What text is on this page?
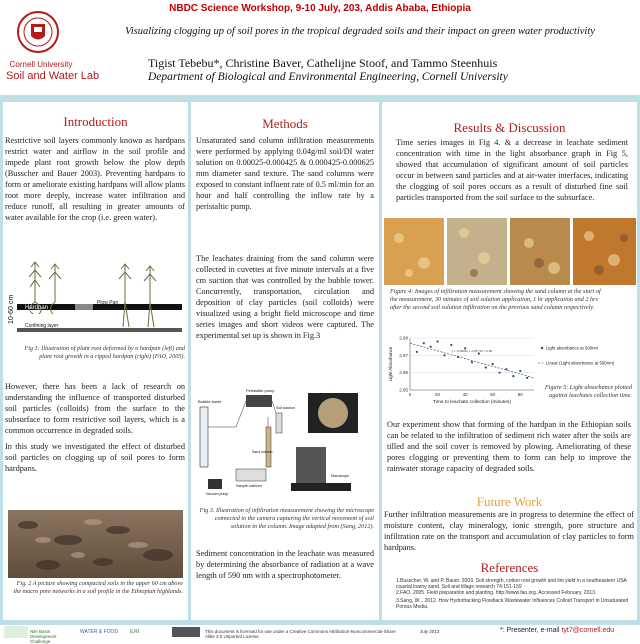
NBDC Science Workshop, 9-10 July, 203, Addis Ababa, Ethiopia
Cornell University
Soil and Water Lab
Visualizing clogging up of soil pores in the tropical degraded soils and their impact on green water productivity
Tigist Tebebu*, Christine Baver, Cathelijne Stoof, and Tammo Steenhuis
Department of Biological and Environmental Engineering, Cornell University
Introduction
Restrictive soil layers commonly known as hardpans restrict water and airflow in the soil profile and impede plant root growth below the plow depth (Busscher and Bauer 2003). Preventing hardpans to form or ameliorate existing hardpans will allow plants root more deeply, increase water infiltration and reduce runoff, all resulting in greater amounts of water available for the crop (i.e. green water).
Hardpan
Plow Pan
Confining layer
10-60 cm
Fig 1: Illustration of plant root deformed by a hardpan (left) and plant root growth in a ripped hardpan (right) (FAO, 2005).
However, there has been a lack of research on understanding the influence of transported disturbed soil particles (colloids) from the surface to the subsurface to form restrictive soil layers, which is a common occurrence in degraded soils.
In this study we investigated the effect of disturbed soil particles on clogging up of soil pores to form hardpans.
Fig. 2 A picture showing compacted soils in the upper 60 cm above the macro pore networks in a soil profile in the Ethiopian highlands.
Methods
Unsaturated sand column infiltration measurements were performed by applying 0.04g/ml soil/DI water solution on 0.00025-0.000425 & 0.000425-0.000625 mm diameter sand texture. The sand columns were exposed to constant influent rate of 0.5 ml/min for an hour and half controlling the inflow rate by a peristaltic pump.
The leachates draining from the sand column were collected in cuvettes at five minute intervals at a five cm suction that was controlled by the bubble tower. Concurrently, transportation, circulation and deposition of clay particles (soil colloids) were visualized using a bright field microscope and time series images and short videos were captured. The experimental set up is shown in Fig.3
Bubble tower
Peristaltic pump
Soil solution
Sand column
Vacuum pump
Sample collector
Microscope
Fig 3. Illustration of infiltration measurement showing the microscope connected to the camera capturing the vertical movement of soil solution in the column. Image adapted from (Sang, 2012).
Sediment concentration in the leachate was measured by determining the absorbance of radiation at a wave length of 590 nm with a spectrophotometer.
Results & Discussion
Time series images in Fig 4. & a decrease in leachate sediment concentration with time in the light absorbance graph in Fig 5, showed that accumulation of significant amount of soil particles occur in between sand particles and at air-water interfaces, indicating the clogging of soil pores occurs as a result of disturbed fine soil particles transported from the soil surface to the subsurface.
Figure 4: Images of infiltration measurement showing the sand column at the start of the measurement, 30 minutes of soil solution application, 1 hr application and 2 hrs after the second soil solution infiltration on the previous sand column respectively.
2.95
2.96
2.97
2.98
0	20	40	60	80
Time to leachate collection (minutes)
Light Absorbance	y = -0.0002x + 2.977 R² = 0.38
Light absorbance at 590nm
Linear (Light absorbance at 590nm)
Figure 5: Light absorbance plotted against leachates collection time.
Our experiment show that forming of the hardpan in the Ethiopian soils can be related to the infiltration of sediment rich water after the soils are tilled and the soil cover is removed by plowing. Ameliorating of these pores clogging or preventing them to form can help to improve the rainwater storage capacity of degraded soils.
Future Work
Further infiltration measurements are in progress to determine the effect of moisture content, clay mineralogy, ionic strength, pore structure and infiltration rate on the transport and accumulation of clay particles to form hardpans.
References
1.Busscher, W. and P. Bauer. 2003. Soil strength, cotton root growth and lint yield in a southeastern USA coastal loamy sand. Soil and tillage research 74:151-159
2.FAO. 2005. Field preparation and planting. http://www.fao.org. Accessed February, 2013.
3.Sang, W.,. 2012. How Hydrofracking Flowback Wastewater Influences Colloid Transport in Unsaturated Porous Media.
Nile Basin Development Challenge
WATER & FOOD ILRI	This document is licensed for use under a Creative Commons Attribution-Noncommercial-Share Alike 3.0 Unported License
July 2013	*: Presenter, e-mail tyt7@cornell.edu
